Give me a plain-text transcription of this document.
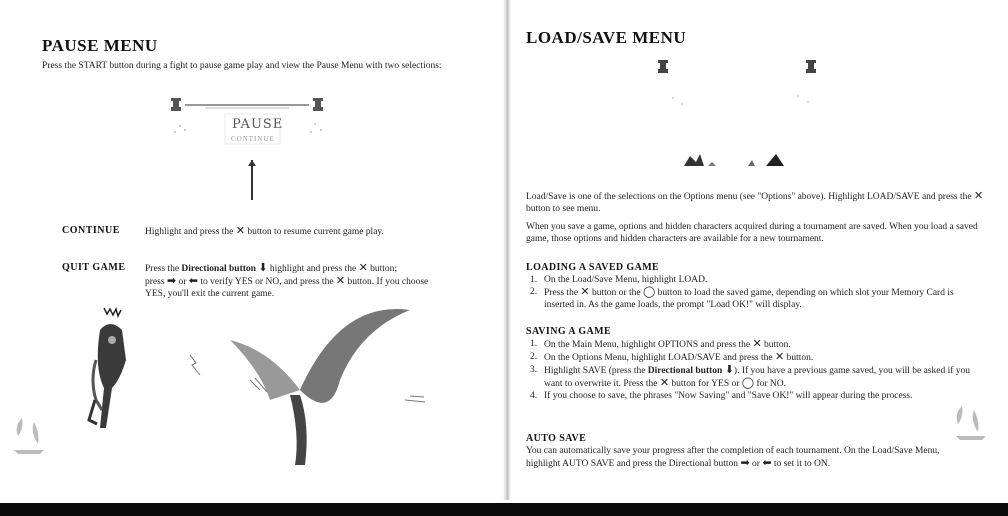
PAUSE MENU

Press the START button during a fight to pause game play and view the Pause Menu with two selections:

PAUSE
CONTINUE
CONTINUE	Highlight and press the ✕ button to resume current game play.

QUIT GAME Press the Directional button ⬇ highlight and press the ✕ button;
press ➡ or ⬅ to verify YES or NO, and press the ✕ button. If you choose
YES, you'll exit the current game.

LOAD/SAVE MENU

Load/Save is one of the selections on the Options menu (see "Options" above). Highlight LOAD/SAVE and press the ✕ button to see menu.

When you save a game, options and hidden characters acquired during a tournament are saved. When you load a saved game, those options and hidden characters are available for a new tournament.

LOADING A SAVED GAME
1. On the Load/Save Menu, highlight LOAD.
2. Press the ✕ button or the ◯ button to load the saved game, depending on which slot your Memory Card is inserted in. As the game loads, the prompt "Load OK!" will display.
SAVING A GAME
1. On the Main Menu, highlight OPTIONS and press the ✕ button.
2. On the Options Menu, highlight LOAD/SAVE and press the ✕ button.
3. Highlight SAVE (press the Directional button ⬇). If you have a previous game saved, you will be asked if you want to overwrite it. Press the ✕ button for YES or ◯ for NO.
4. If you choose to save, the phrases "Now Saving" and "Save OK!" will appear during the process.
AUTO SAVE

You can automatically save your progress after the completion of each tournament. On the Load/Save Menu, highlight AUTO SAVE and press the Directional button ➡ or ⬅ to set it to ON.
